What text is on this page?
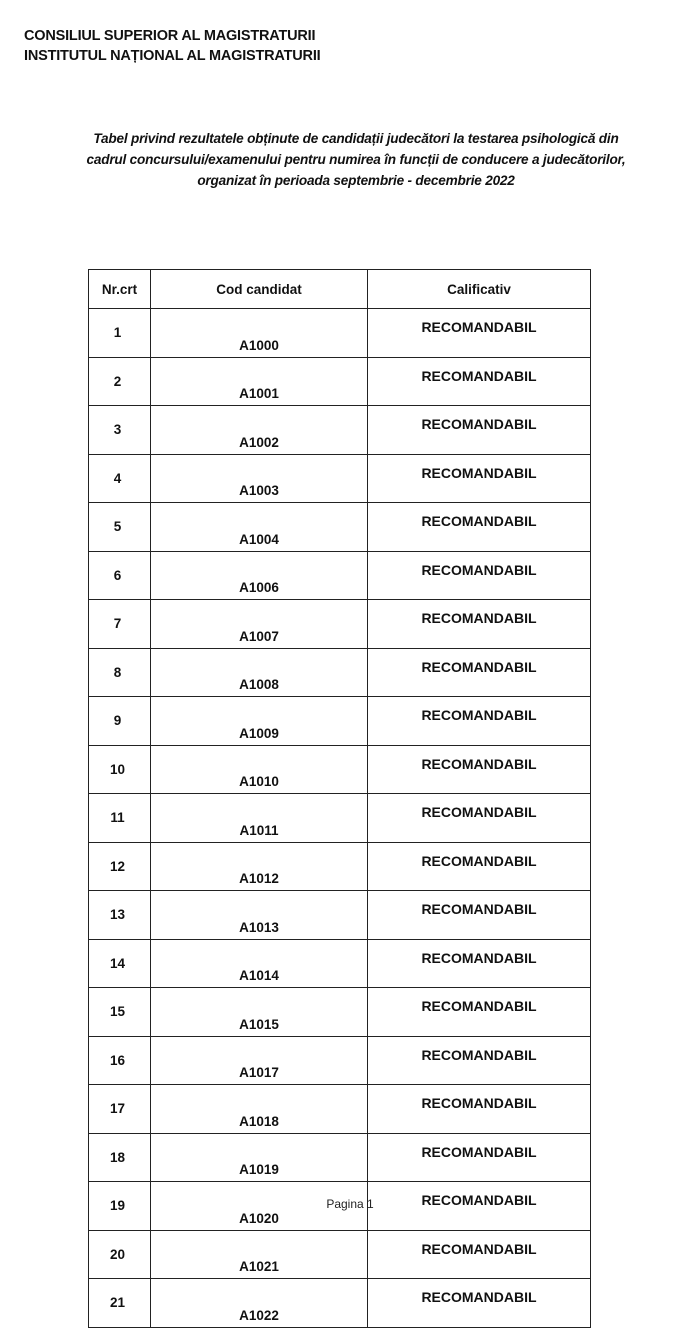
CONSILIUL SUPERIOR AL MAGISTRATURII
INSTITUTUL NAȚIONAL AL MAGISTRATURII
Tabel privind rezultatele obținute de candidații judecători la testarea psihologică din
cadrul concursului/examenului pentru numirea în funcții de conducere a judecătorilor,
organizat în perioada septembrie - decembrie 2022
Nr.crt	Cod candidat	Calificativ
1	A1000	RECOMANDABIL
2	A1001	RECOMANDABIL
3	A1002	RECOMANDABIL
4	A1003	RECOMANDABIL
5	A1004	RECOMANDABIL
6	A1006	RECOMANDABIL
7	A1007	RECOMANDABIL
8	A1008	RECOMANDABIL
9	A1009	RECOMANDABIL
10	A1010	RECOMANDABIL
11	A1011	RECOMANDABIL
12	A1012	RECOMANDABIL
13	A1013	RECOMANDABIL
14	A1014	RECOMANDABIL
15	A1015	RECOMANDABIL
16	A1017	RECOMANDABIL
17	A1018	RECOMANDABIL
18	A1019	RECOMANDABIL
19	A1020	RECOMANDABIL
20	A1021	RECOMANDABIL
21	A1022	RECOMANDABIL
Pagina 1
